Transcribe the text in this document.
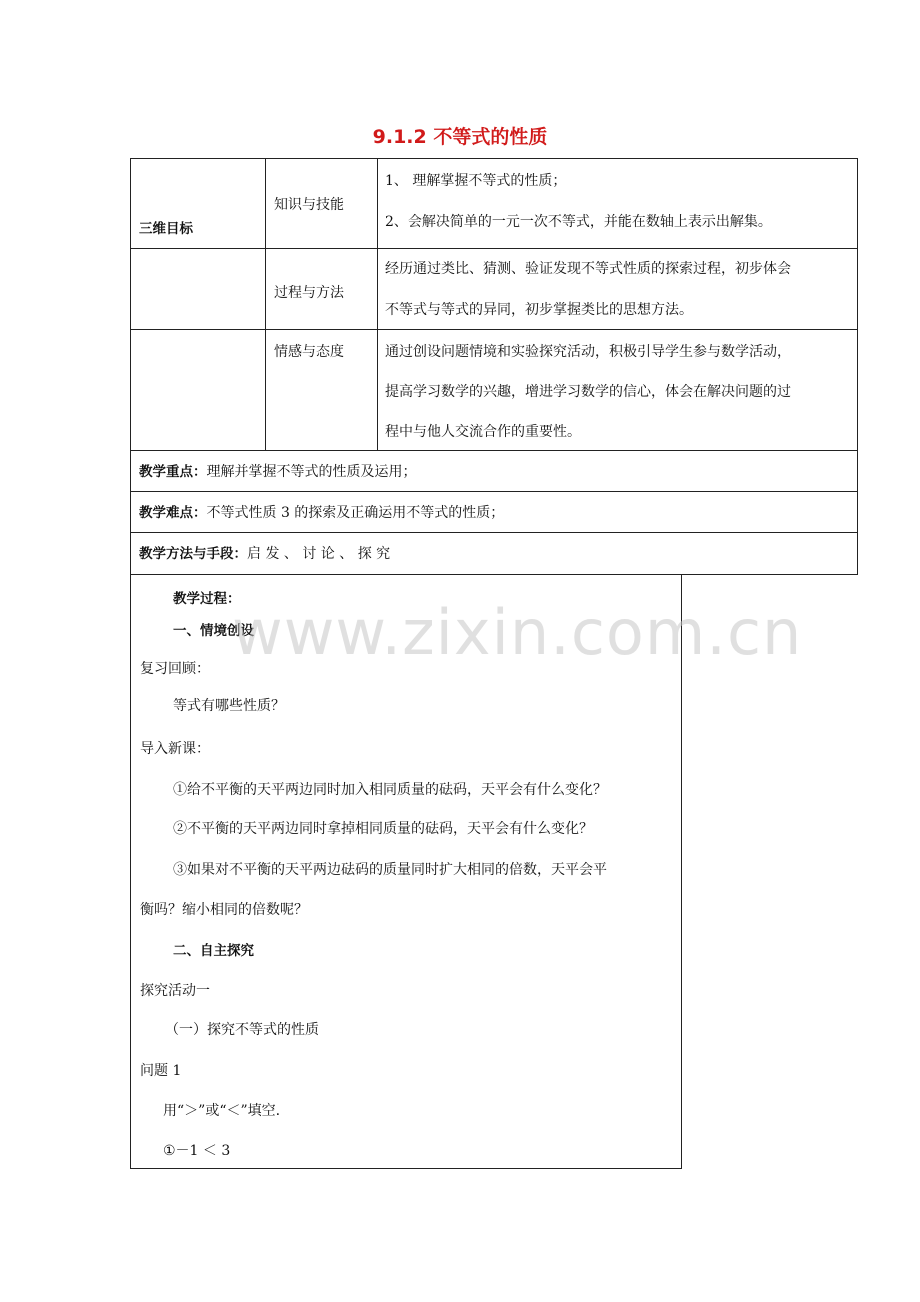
9.1.2 不等式的性质
三维目标
知识与技能
1、 理解掌握不等式的性质；
2、会解决简单的一元一次不等式，并能在数轴上表示出解集。
过程与方法
经历通过类比、猜测、验证发现不等式性质的探索过程，初步体会
不等式与等式的异同，初步掌握类比的思想方法。
情感与态度	通过创设问题情境和实验探究活动，积极引导学生参与数学活动，
提高学习数学的兴趣，增进学习数学的信心，体会在解决问题的过
程中与他人交流合作的重要性。
教学重点：理解并掌握不等式的性质及运用；
教学难点：不等式性质 3 的探索及正确运用不等式的性质；
教学方法与手段：启 发 、 讨 论 、 探 究
教学过程：
一、情境创设
复习回顾：
等式有哪些性质？
导入新课：
①给不平衡的天平两边同时加入相同质量的砝码，天平会有什么变化？
②不平衡的天平两边同时拿掉相同质量的砝码，天平会有什么变化？
③如果对不平衡的天平两边砝码的质量同时扩大相同的倍数，天平会平
衡吗？缩小相同的倍数呢？
二、自主探究
探究活动一
（一）探究不等式的性质
问题 1
用“＞”或“＜”填空.
①－1 ＜ 3
www.zixin.com.cn
